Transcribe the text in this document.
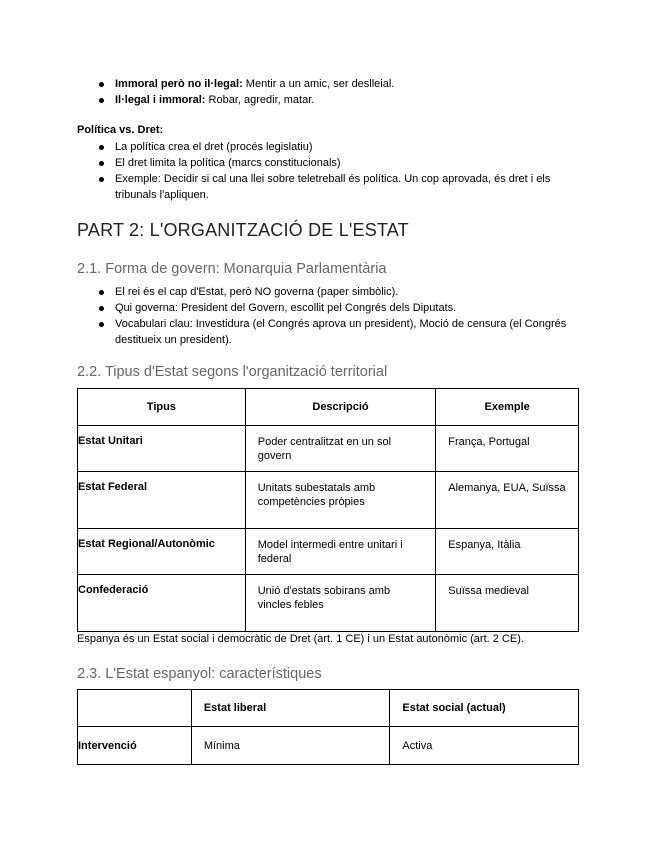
Immoral però no il·legal: Mentir a un amic, ser deslleial.
Il·legal i immoral: Robar, agredir, matar.
Política vs. Dret:
La política crea el dret (procés legislatiu)
El dret limita la política (marcs constitucionals)
Exemple: Decidir si cal una llei sobre teletreball és política. Un cop aprovada, és dret i els tribunals l'apliquen.
PART 2: L'ORGANITZACIÓ DE L'ESTAT
2.1. Forma de govern: Monarquia Parlamentària
El rei és el cap d'Estat, però NO governa (paper simbòlic).
Qui governa: President del Govern, escollit pel Congrés dels Diputats.
Vocabulari clau: Investidura (el Congrés aprova un president), Moció de censura (el Congrés destitueix un president).
2.2. Tipus d'Estat segons l'organització territorial
Tipus	Descripció	Exemple

Estat Unitari	Poder centralitzat en un sol govern	França, Portugal

Estat Federal	Unitats subestatals amb competències pròpies	Alemanya, EUA, Suïssa

Estat Regional/Autonòmic	Model intermedi entre unitari i federal	Espanya, Itàlia

Confederació	Unió d'estats sobirans amb vincles febles	Suïssa medieval
Espanya és un Estat social i democràtic de Dret (art. 1 CE) i un Estat autonòmic (art. 2 CE).
2.3. L'Estat espanyol: característiques

	Estat liberal	Estat social (actual)

Intervenció	Mínima	Activa
